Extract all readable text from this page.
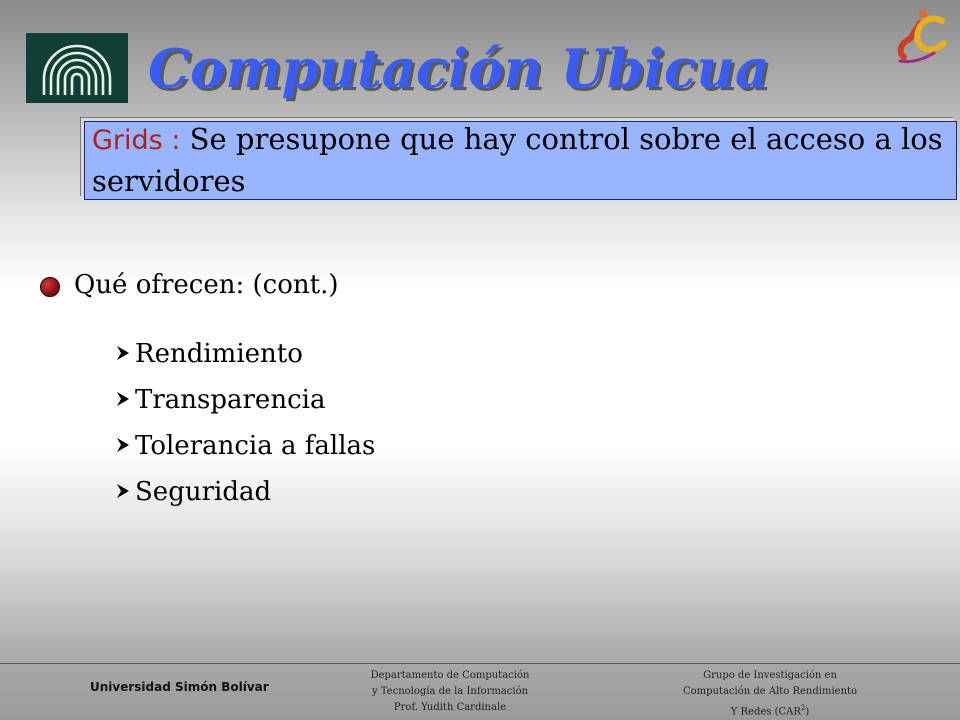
Computación Ubicua
Grids : Se presupone que hay control sobre el acceso a los servidores
Qué ofrecen: (cont.)
Rendimiento
Transparencia
Tolerancia a fallas
Seguridad
Universidad Simón Bolívar
Departamento de Computación
y Tecnología de la Información
Prof. Yudith Cardinale
Grupo de Investigación en
Computación de Alto Rendimiento
Y Redes (CAR$^2$)
